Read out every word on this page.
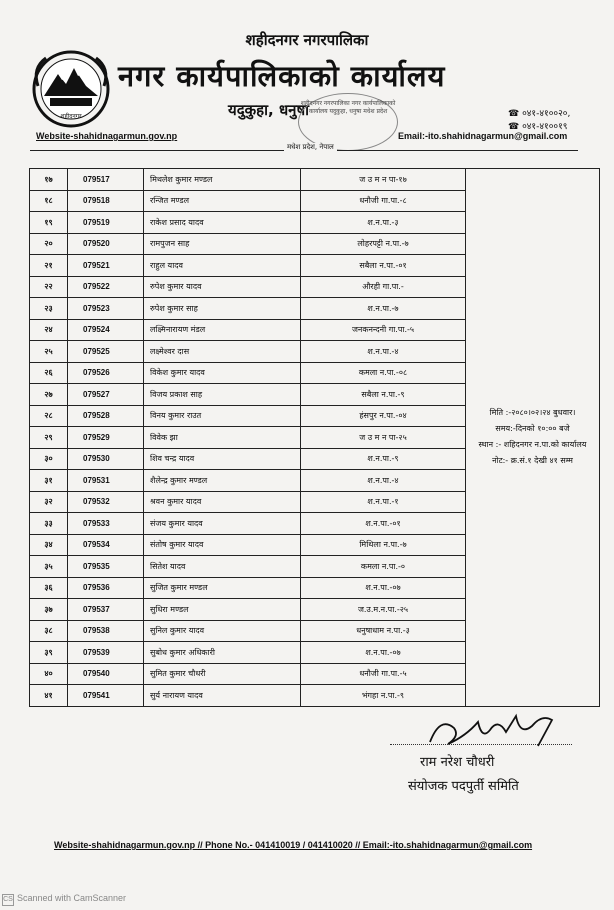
शहीदनगर
शहीदनगर नगरपालिका
नगर कार्यपालिकाको कार्यालय
यदुकुहा, धनुषा
शहीदनगर नगरपालिका नगर कार्यपालिकाको कार्यालय यदुकुहा, धनुषा मधेश प्रदेश	☎ ०४१-४१००२०,
☎ ०४१-४१००१९
Website-shahidnagarmun.gov.np	Email:-ito.shahidnagarmun@gmail.com
मधेश प्रदेश, नेपाल
१७	079517	मिथलेश कुमार मण्डल	ज उ म न पा-१७	मिति :-२०८०।०२।२४ बुधवार।
समय:-दिनको १०:०० बजे
स्थान :- शहिदनगर न.पा.को कार्यालय
नोट:- क्र.सं.१ देखी ४१ सम्म

१८	079518	रन्जित मण्डल	धनौजी गा.पा.-८	
१९	079519	राकेश प्रसाद यादव	श.न.पा.-३	
२०	079520	रामपुजन साह	लोहरपट्टी न.पा.-७	
२१	079521	राहुल यादव	सबैला न.पा.-०१	
२२	079522	रुपेश कुमार यादव	औरही गा.पा.-	
२३	079523	रुपेश कुमार साह	श.न.पा.-७	
२४	079524	लक्ष्मिनारायण मंडल	जनकनन्दनी गा.पा.-५	
२५	079525	लक्ष्मेश्वर दास	श.न.पा.-४	
२६	079526	विकेश कुमार यादव	कमला न.पा.-०८	
२७	079527	विजय प्रकाश साह	सबैला न.पा.-९	
२८	079528	विनय कुमार राउत	हंसपुर न.पा.-०४	
२९	079529	विवेक झा	ज उ म न पा-२५	
३०	079530	शिव चन्द्र यादव	श.न.पा.-९	
३१	079531	शैलेन्द्र कुमार मण्डल	श.न.पा.-४	
३२	079532	श्रवन कुमार यादव	श.न.पा.-१	
३३	079533	संजय कुमार यादव	श.न.पा.-०१	
३४	079534	संतोष कुमार यादव	मिथिला न.पा.-७	
३५	079535	सितेश यादव	कमला न.पा.-०	
३६	079536	सुजित कुमार मण्डल	श.न.पा.-०७	
३७	079537	सुधिरा मण्डल	ज.उ.म.न.पा.-२५	
३८	079538	सुनिल कुमार यादव	धनुषाधाम न.पा.-३	
३९	079539	सुबोध कुमार अधिकारी	श.न.पा.-०७	
४०	079540	सुमित कुमार चौधरी	धनौजी गा.पा.-५	
४१	079541	सुर्य नारायण यादव	भंगहा न.पा.-९	
राम नरेश चौधरी
संयोजक पदपुर्ती समिति
Website-shahidnagarmun.gov.np // Phone No.- 041410019 / 041410020 // Email:-ito.shahidnagarmun@gmail.com
CS Scanned with CamScanner
